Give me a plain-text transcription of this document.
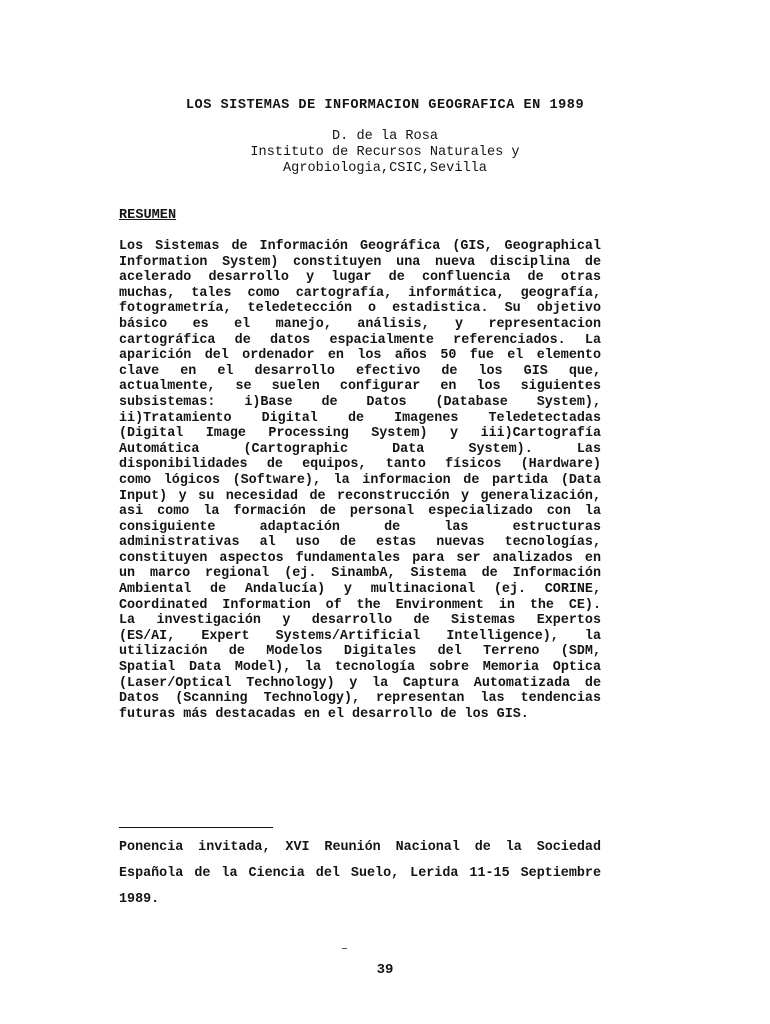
LOS SISTEMAS DE INFORMACION GEOGRAFICA EN 1989
D. de la Rosa
Instituto de Recursos Naturales y
Agrobiologia,CSIC,Sevilla
RESUMEN
Los Sistemas de Información Geográfica (GIS, Geographical
Information System) constituyen una nueva disciplina de
acelerado desarrollo y lugar de confluencia de otras
muchas, tales como cartografía, informática, geografía,
fotogrametría, teledetección o estadistica. Su objetivo
básico es el manejo, análisis, y representacion
cartográfica de datos espacialmente referenciados. La
aparición del ordenador en los años 50 fue el elemento
clave en el desarrollo efectivo de los GIS que,
actualmente, se suelen configurar en los siguientes
subsistemas: i)Base de Datos (Database System),
ii)Tratamiento Digital de Imagenes Teledetectadas
(Digital Image Processing System) y iii)Cartografía
Automática (Cartographic Data System). Las
disponibilidades de equipos, tanto físicos (Hardware)
como lógicos (Software), la informacion de partida (Data
Input) y su necesidad de reconstrucción y generalización,
asi como la formación de personal especializado con la
consiguiente adaptación de las estructuras
administrativas al uso de estas nuevas tecnologías,
constituyen aspectos fundamentales para ser analizados en
un marco regional (ej. SinambA, Sistema de Información
Ambiental de Andalucía) y multinacional (ej. CORINE,
Coordinated Information of the Environment in the CE).
La investigación y desarrollo de Sistemas Expertos
(ES/AI, Expert Systems/Artificial Intelligence), la
utilización de Modelos Digitales del Terreno (SDM,
Spatial Data Model), la tecnología sobre Memoria Optica
(Laser/Optical Technology) y la Captura Automatizada de
Datos (Scanning Technology), representan las tendencias
futuras más destacadas en el desarrollo de los GIS.
Ponencia invitada, XVI Reunión Nacional de la Sociedad
Española de la Ciencia del Suelo, Lerida 11-15 Septiembre
1989.
39
